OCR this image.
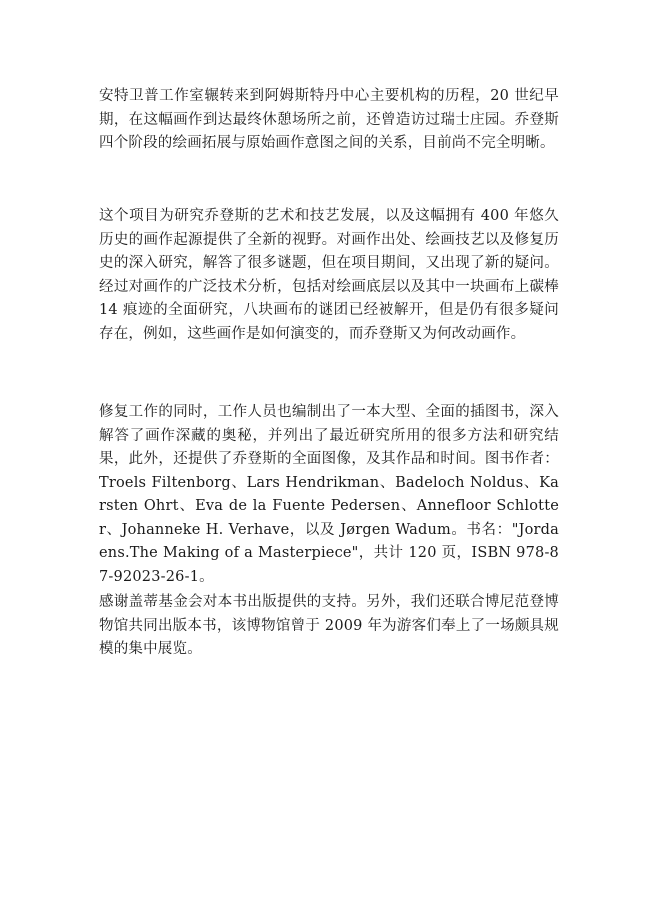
安特卫普工作室辗转来到阿姆斯特丹中心主要机构的历程，20 世纪早期，在这幅画作到达最终休憩场所之前，还曾造访过瑞士庄园。乔登斯四个阶段的绘画拓展与原始画作意图之间的关系，目前尚不完全明晰。

这个项目为研究乔登斯的艺术和技艺发展，以及这幅拥有 400 年悠久历史的画作起源提供了全新的视野。对画作出处、绘画技艺以及修复历史的深入研究，解答了很多谜题，但在项目期间，又出现了新的疑问。经过对画作的广泛技术分析，包括对绘画底层以及其中一块画布上碳棒 14 痕迹的全面研究，八块画布的谜团已经被解开，但是仍有很多疑问存在，例如，这些画作是如何演变的，而乔登斯又为何改动画作。

修复工作的同时，工作人员也编制出了一本大型、全面的插图书，深入解答了画作深藏的奥秘，并列出了最近研究所用的很多方法和研究结果，此外，还提供了乔登斯的全面图像，及其作品和时间。图书作者：Troels Filtenborg、Lars Hendrikman、Badeloch Noldus、Karsten Ohrt、Eva de la Fuente Pedersen、Annefloor Schlotter、Johanneke H. Verhave，以及 Jørgen Wadum。书名："Jordaens.The Making of a Masterpiece"，共计 120 页，ISBN 978-87-92023-26-1。

感谢盖蒂基金会对本书出版提供的支持。另外，我们还联合博尼范登博物馆共同出版本书，该博物馆曾于 2009 年为游客们奉上了一场颇具规模的集中展览。
